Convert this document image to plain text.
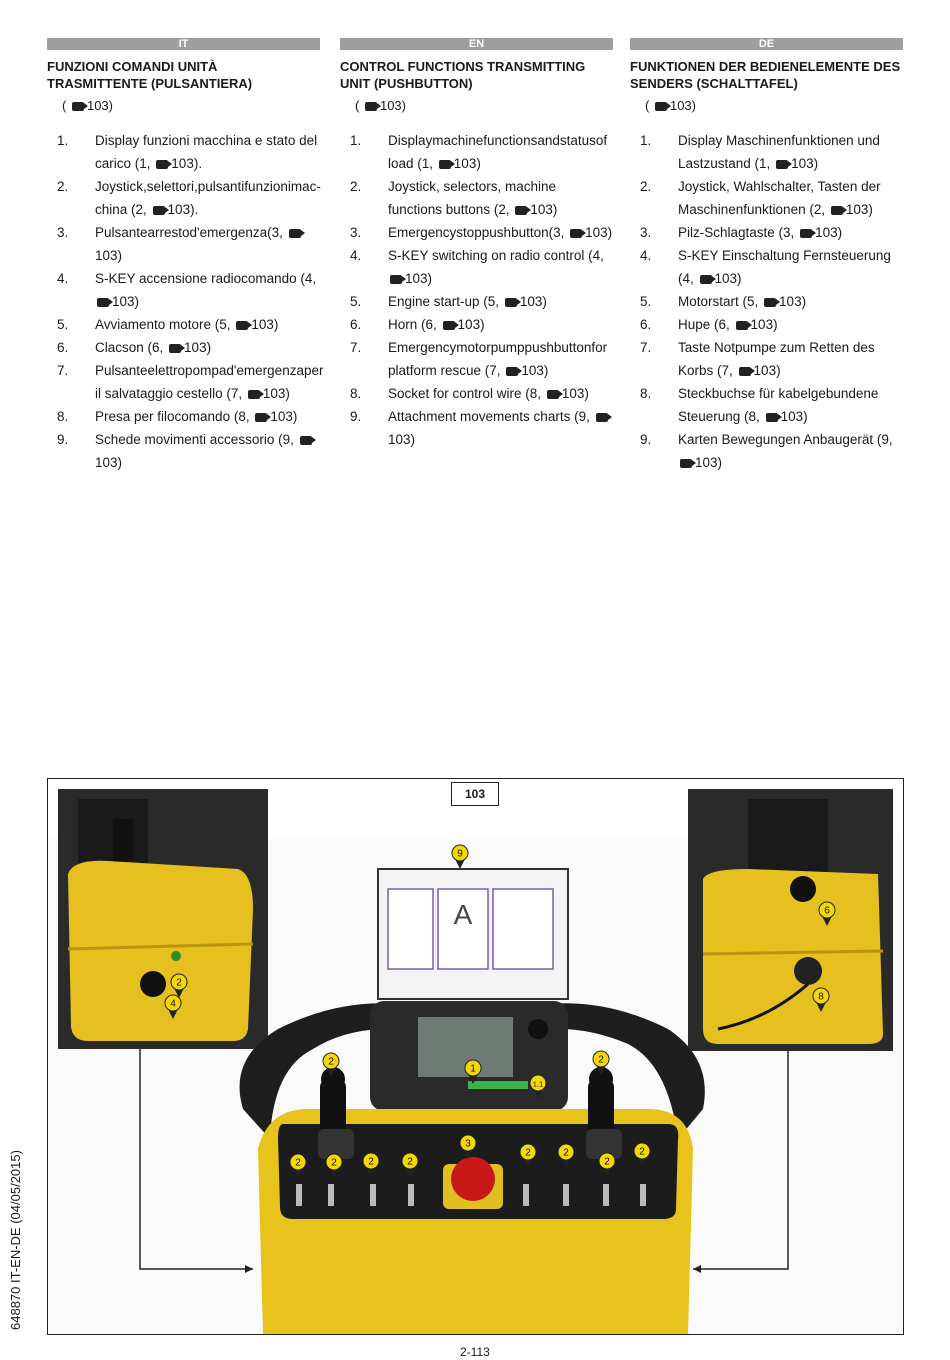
IT
FUNZIONI COMANDI UNITÀ TRASMITTENTE (PULSANTIERA)
( 103)
1.	Display funzioni macchina e stato del carico (1, 103).
2.	Joystick,selettori,pulsantifunzionimac-china (2, 103).
3.	Pulsantearrestod'emergenza(3, 103)
4.	S-KEY accensione radiocomando (4, 103)
5.	Avviamento motore (5, 103)
6.	Clacson (6, 103)
7.	Pulsanteelettropompad'emergenzaper il salvataggio cestello (7, 103)
8.	Presa per filocomando (8, 103)
9.	Schede movimenti accessorio (9, 103)
EN
CONTROL FUNCTIONS TRANSMITTING UNIT (PUSHBUTTON)
( 103)
1.	Displaymachinefunctionsandstatusof load (1, 103)
2.	Joystick, selectors, machine functions buttons (2, 103)
3.	Emergencystoppushbutton(3, 103)
4.	S-KEY switching on radio control (4, 103)
5.	Engine start-up (5, 103)
6.	Horn (6, 103)
7.	Emergencymotorpumppushbuttonfor platform rescue (7, 103)
8.	Socket for control wire (8, 103)
9.	Attachment movements charts (9, 103)
DE
FUNKTIONEN DER BEDIENELEMENTE DES SENDERS (SCHALTTAFEL)
( 103)
1.	Display Maschinenfunktionen und Lastzustand (1, 103)
2.	Joystick, Wahlschalter, Tasten der Maschinenfunktionen (2, 103)
3.	Pilz-Schlagtaste (3, 103)
4.	S-KEY Einschaltung Fernsteuerung (4, 103)
5.	Motorstart (5, 103)
6.	Hupe (6, 103)
7.	Taste Notpumpe zum Retten des Korbs (7, 103)
8.	Steckbuchse für kabelgebundene Steuerung (8, 103)
9.	Karten Bewegungen Anbaugerät (9, 103)
103
A
9
2
4
6
8
2	2
1
1.1
3
2	2	2	2
2	2
2
2
648870 IT-EN-DE (04/05/2015)
2-113
